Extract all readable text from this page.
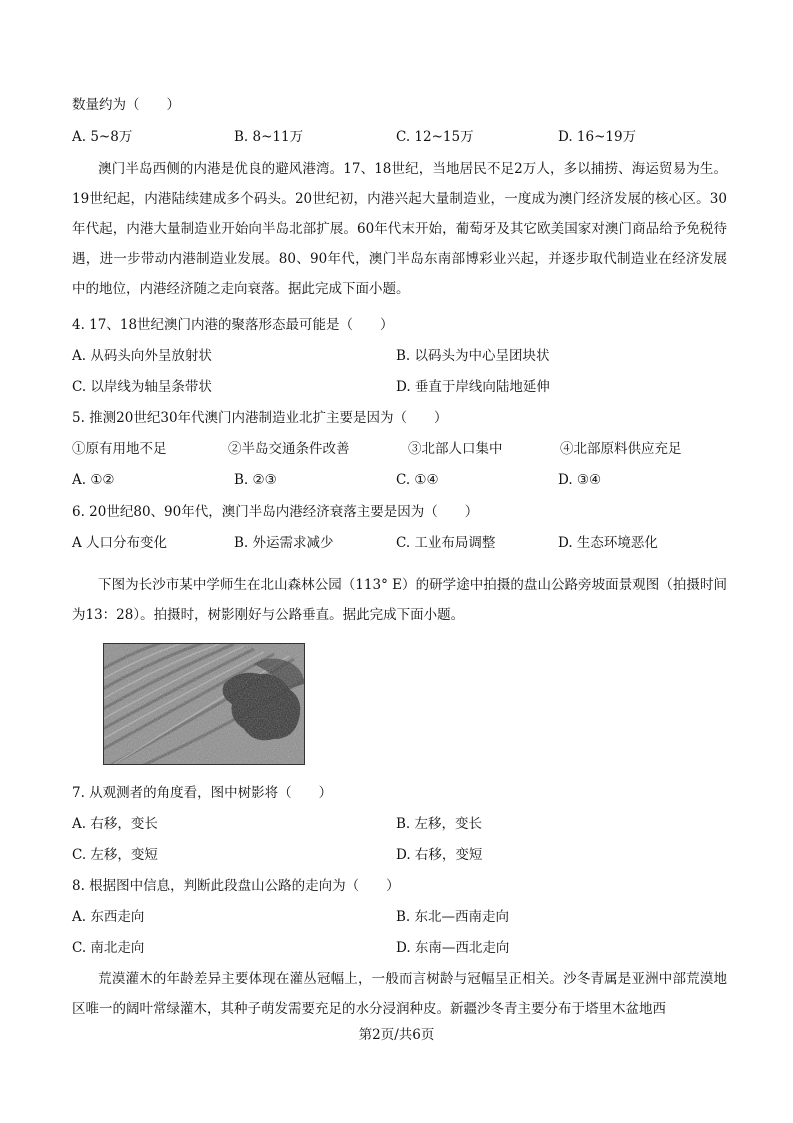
数量约为（　　）
A. 5~8万	B. 8~11万	C. 12~15万	D. 16~19万
澳门半岛西侧的内港是优良的避风港湾。17、18世纪，当地居民不足2万人，多以捕捞、海运贸易为生。19世纪起，内港陆续建成多个码头。20世纪初，内港兴起大量制造业，一度成为澳门经济发展的核心区。30年代起，内港大量制造业开始向半岛北部扩展。60年代末开始，葡萄牙及其它欧美国家对澳门商品给予免税待遇，进一步带动内港制造业发展。80、90年代，澳门半岛东南部博彩业兴起，并逐步取代制造业在经济发展中的地位，内港经济随之走向衰落。据此完成下面小题。
4. 17、18世纪澳门内港的聚落形态最可能是（　　）
A. 从码头向外呈放射状	B. 以码头为中心呈团块状
C. 以岸线为轴呈条带状	D. 垂直于岸线向陆地延伸
5. 推测20世纪30年代澳门内港制造业北扩主要是因为（　　）
①原有用地不足	②半岛交通条件改善	③北部人口集中	④北部原料供应充足
A. ①②	B. ②③	C. ①④	D. ③④
6. 20世纪80、90年代，澳门半岛内港经济衰落主要是因为（　　）
A 人口分布变化	B. 外运需求减少	C. 工业布局调整	D. 生态环境恶化
下图为长沙市某中学师生在北山森林公园（113° E）的研学途中拍摄的盘山公路旁坡面景观图（拍摄时间为13：28）。拍摄时，树影刚好与公路垂直。据此完成下面小题。
7. 从观测者的角度看，图中树影将（　　）
A. 右移，变长	B. 左移，变长
C. 左移，变短	D. 右移，变短
8. 根据图中信息，判断此段盘山公路的走向为（　　）
A. 东西走向	B. 东北—西南走向
C. 南北走向	D. 东南—西北走向
荒漠灌木的年龄差异主要体现在灌丛冠幅上，一般而言树龄与冠幅呈正相关。沙冬青属是亚洲中部荒漠地区唯一的阔叶常绿灌木，其种子萌发需要充足的水分浸润种皮。新疆沙冬青主要分布于塔里木盆地西
第2页/共6页
